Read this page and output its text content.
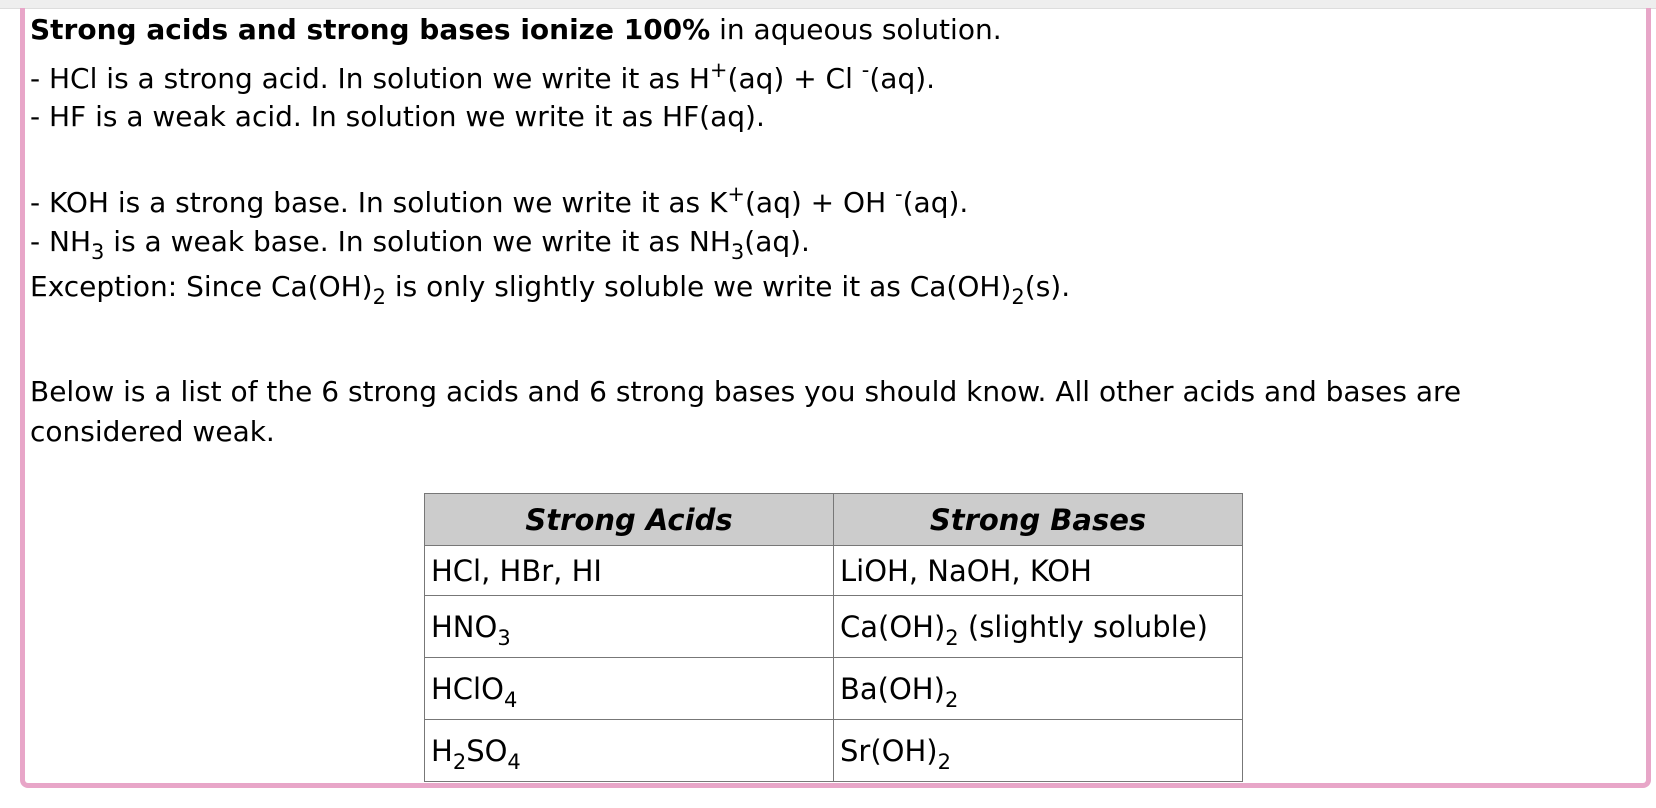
Strong acids and strong bases ionize 100% in aqueous solution.
- HCl is a strong acid. In solution we write it as H+(aq) + Cl -(aq).
- HF is a weak acid. In solution we write it as HF(aq).
- KOH is a strong base. In solution we write it as K+(aq) + OH -(aq).
- $NH_3$ is a weak base. In solution we write it as $NH_3(aq)$.
Exception: Since $Ca(OH)_2$ is only slightly soluble we write it as $Ca(OH)_2(s)$.
Below is a list of the 6 strong acids and 6 strong bases you should know. All other acids and bases are considered weak.
Strong Acids	Strong Bases
HCl, HBr, HI	LiOH, NaOH, KOH
$HNO_3$	$Ca(OH)_2$ (slightly soluble)
HClO$_4$	$Ba(OH)_2$
$H_2SO_4$	$Sr(OH)_2$
